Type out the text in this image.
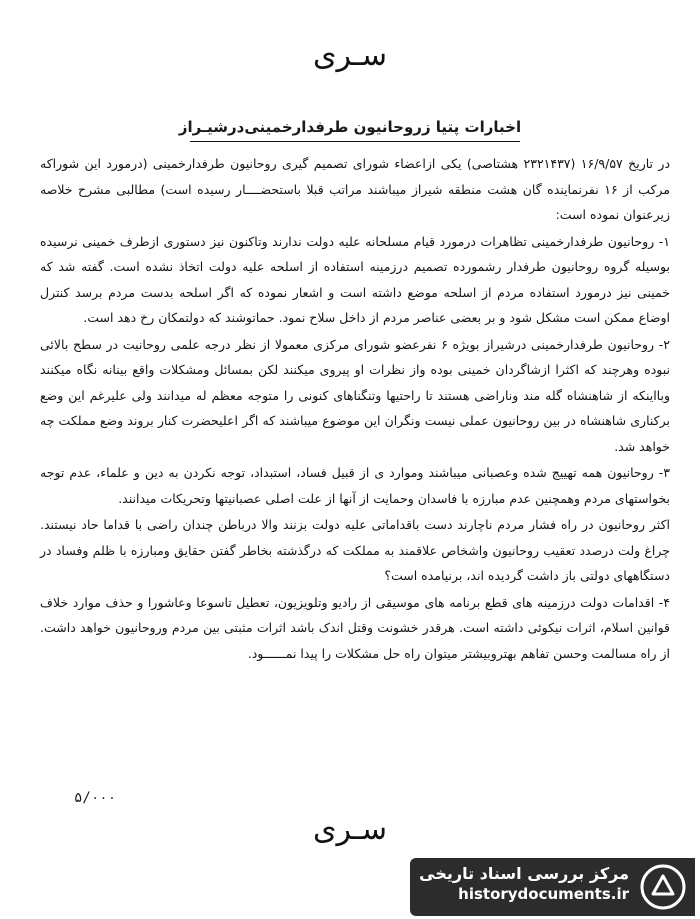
سـری
اخبارات پتیا زروحانیون طرفدارخمینی‌درشیـراز

در تاریخ ۱۶/۹/۵۷ (۲۳۲۱۴۳۷ هشتاصی) یکی ازاعضاء شورای تصمیم گیری روحانیون طرفدارخمینی (درمورد این شوراکه مرکب از ۱۶ نفرنماینده گان هشت منطقه شیراز میباشند مراتب قبلا باستحضــــار رسیده است) مطالبی مشرح خلاصه زیرعنوان نموده است:

۱- روحانیون طرفدارخمینی تظاهرات درمورد قیام مسلحانه علیه دولت ندارند وتاکنون نیز دستوری ازطرف خمینی نرسیده بوسیله گروه روحانیون طرفدار رشمورده تصمیم درزمینه استفاده از اسلحه علیه دولت اتخاذ نشده است. گفته شد که خمینی نیز درمورد استفاده مردم از اسلحه موضع داشته است و اشعار نموده که اگر اسلحه بدست مردم برسد کنترل اوضاع ممکن است مشکل شود و بر بعضی عناصر مردم از داخل سلاح نمود. حماتوشند که دولتمکان رخ دهد است.

۲- روحانیون طرفدارخمینی درشیراز بویژه ۶ نفرعضو شورای مرکزی معمولا از نظر درجه علمی روحانیت در سطح بالائی نبوده وهرچند که اکثرا ازشاگردان خمینی بوده واز نظرات او پیروی میکنند لکن بمسائل ومشکلات واقع بینانه نگاه میکنند وبااینکه از شاهنشاه گله مند وناراضی هستند تا راحتیها وتنگناهای کنونی را متوجه معظم له میدانند ولی علیرغم این وضع برکناری شاهنشاه در بین روحانیون عملی نیست ونگران این موضوع میباشند که اگر اعلیحضرت کنار بروند وضع مملکت چه خواهد شد.

۳- روحانیون همه تهییج شده وعصبانی میباشند وموارد ی از قبیل فساد، استبداد، توجه نکردن به دین و علماء، عدم توجه بخواستهای مردم وهمچنین عدم مبارزه با فاسدان وحمایت از آنها از علت اصلی عصبانیتها وتحریکات میدانند.

اکثر روحانیون در راه فشار مردم ناچارند دست باقداماتی علیه دولت بزنند والا درباطن چندان راضی با قداما حاد نیستند. چراغ ولت درصدد تعقیب روحانیون واشخاص علاقمند به مملکت که درگذشته بخاطر گفتن حقایق ومبارزه با ظلم وفساد در دستگاههای دولتی باز داشت گردیده اند، برنیامده است؟

۴- اقدامات دولت درزمینه های قطع برنامه های موسیقی از رادیو وتلویزیون، تعطیل تاسوعا وعاشورا و حذف موارد خلاف قوانین اسلام، اثرات نیکوئی داشته است. هرقدر خشونت وقتل اندک باشد اثرات مثبتی بین مردم وروحانیون خواهد داشت. از راه مسالمت وحسن تفاهم بهتروبیشتر میتوان راه حل مشکلات را پیدا نمــــــود.

۵/۰۰۰
سـری
مرکز بررسی اسناد تاریخی
historydocuments.ir
